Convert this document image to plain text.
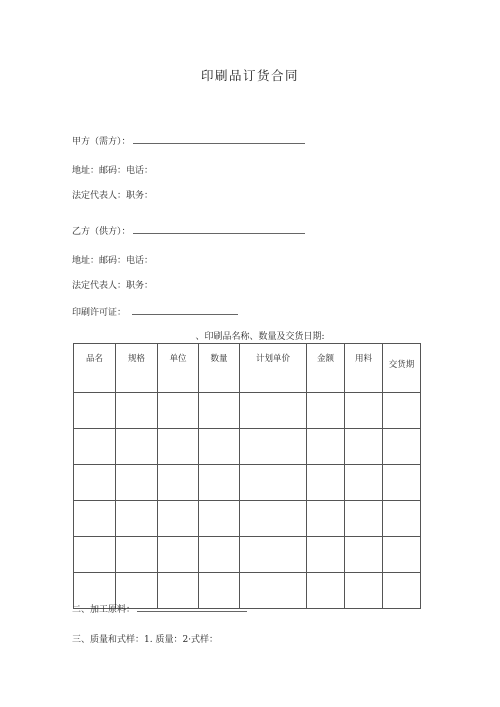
印刷品订货合同
甲方（需方）：
地址：邮码：电话：
法定代表人：职务：
乙方（供方）：
地址：邮码：电话：
法定代表人：职务：
印刷许可证：
、印刷品名称、数量及交货日期:
品名	规格	单位	数量	计划单价	金额	用料	交货期

二、加工原料：
三、质量和式样：1. 质量：2·式样：
